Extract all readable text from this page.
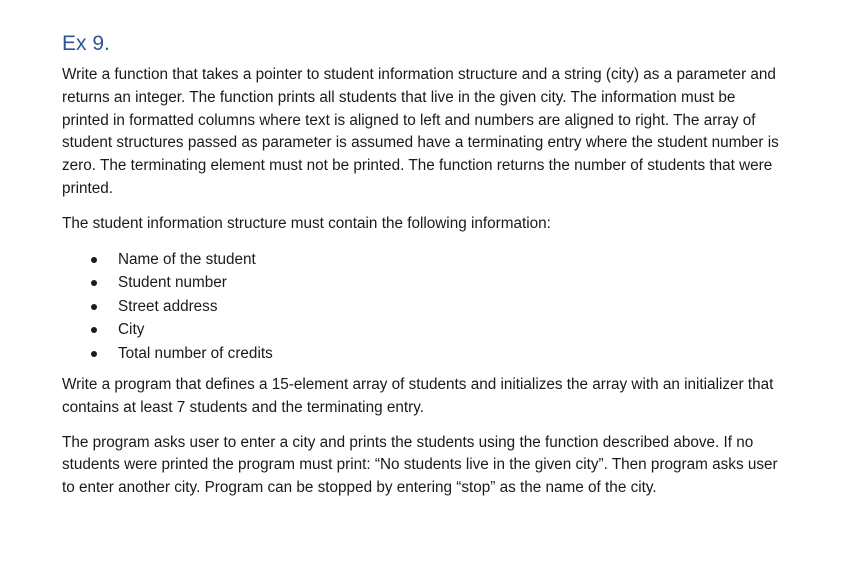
Ex 9.

Write a function that takes a pointer to student information structure and a string (city) as a parameter and returns an integer. The function prints all students that live in the given city. The information must be printed in formatted columns where text is aligned to left and numbers are aligned to right. The array of student structures passed as parameter is assumed have a terminating entry where the student number is zero. The terminating element must not be printed. The function returns the number of students that were printed.

The student information structure must contain the following information:

Name of the student
Student number
Street address
City
Total number of credits

Write a program that defines a 15-element array of students and initializes the array with an initializer that contains at least 7 students and the terminating entry.

The program asks user to enter a city and prints the students using the function described above. If no students were printed the program must print: “No students live in the given city”. Then program asks user to enter another city. Program can be stopped by entering “stop” as the name of the city.
